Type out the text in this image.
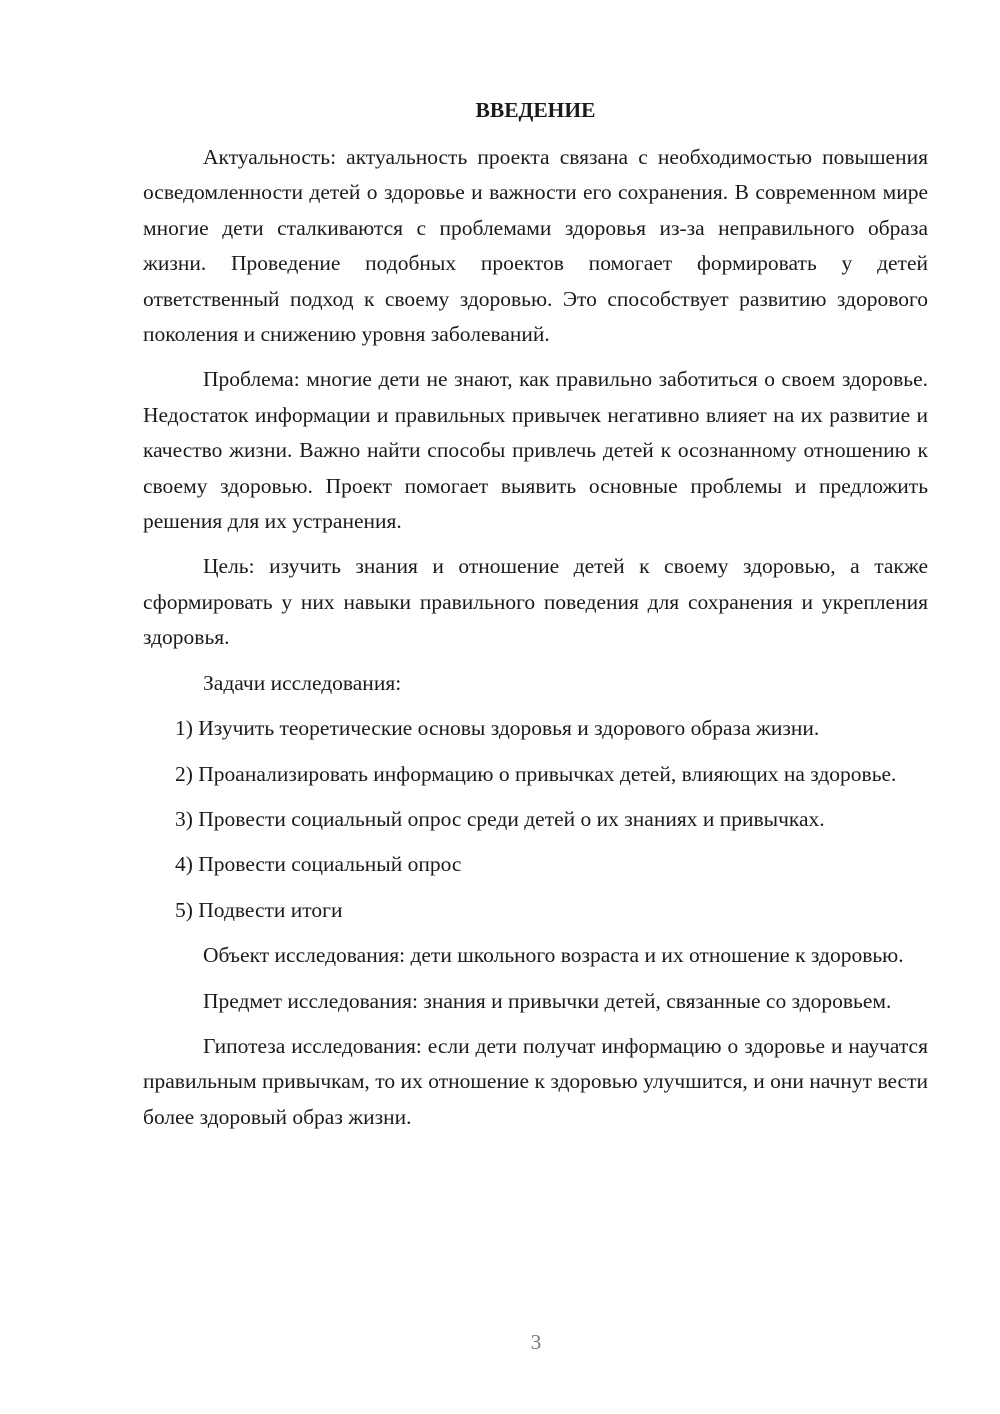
ВВЕДЕНИЕ

Актуальность: актуальность проекта связана с необходимостью повышения осведомленности детей о здоровье и важности его сохранения. В современном мире многие дети сталкиваются с проблемами здоровья из-за неправильного образа жизни. Проведение подобных проектов помогает формировать у детей ответственный подход к своему здоровью. Это способствует развитию здорового поколения и снижению уровня заболеваний.

Проблема: многие дети не знают, как правильно заботиться о своем здоровье. Недостаток информации и правильных привычек негативно влияет на их развитие и качество жизни. Важно найти способы привлечь детей к осознанному отношению к своему здоровью. Проект помогает выявить основные проблемы и предложить решения для их устранения.

Цель: изучить знания и отношение детей к своему здоровью, а также сформировать у них навыки правильного поведения для сохранения и укрепления здоровья.

Задачи исследования:

1) Изучить теоретические основы здоровья и здорового образа жизни.

2) Проанализировать информацию о привычках детей, влияющих на здоровье.

3) Провести социальный опрос среди детей о их знаниях и привычках.

4) Провести социальный опрос

5) Подвести итоги

Объект исследования: дети школьного возраста и их отношение к здоровью.

Предмет исследования: знания и привычки детей, связанные со здоровьем.

Гипотеза исследования: если дети получат информацию о здоровье и научатся правильным привычкам, то их отношение к здоровью улучшится, и они начнут вести более здоровый образ жизни.

3
